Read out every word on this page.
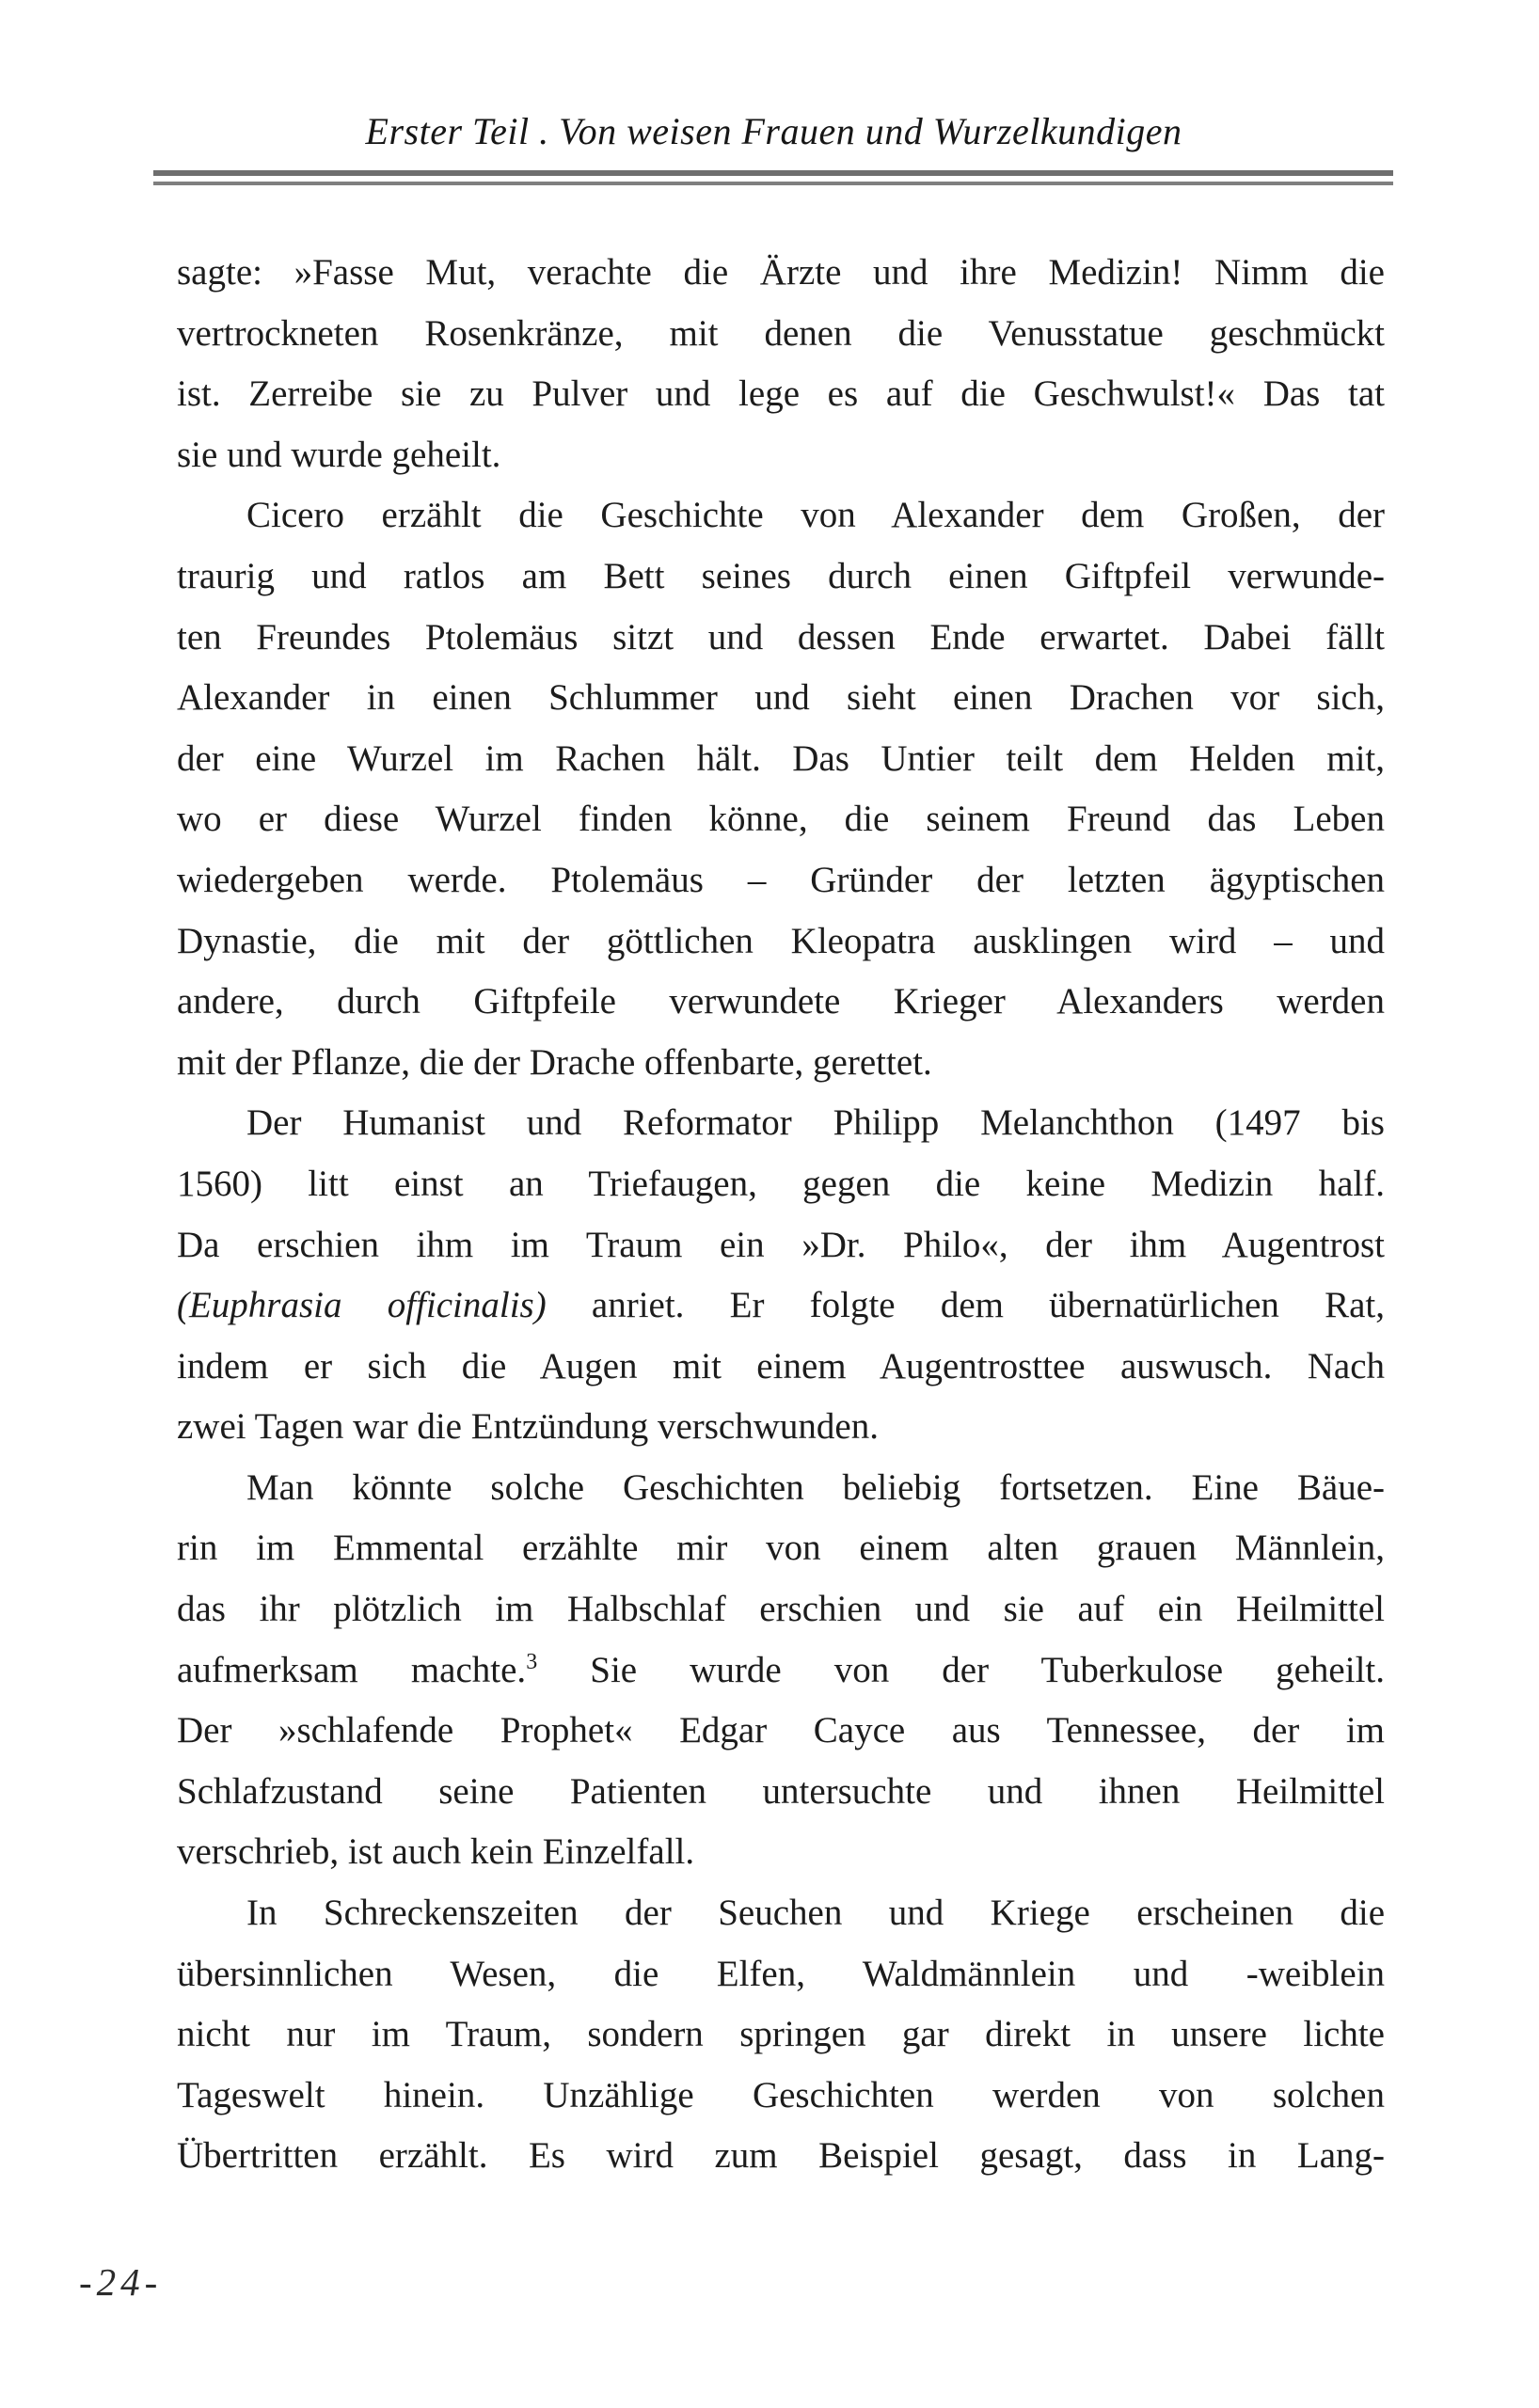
Erster Teil . Von weisen Frauen und Wurzelkundigen
sagte: »Fasse Mut, verachte die Ärzte und ihre Medizin! Nimm die
vertrockneten Rosenkränze, mit denen die Venusstatue geschmückt
ist. Zerreibe sie zu Pulver und lege es auf die Geschwulst!« Das tat
sie und wurde geheilt.
Cicero erzählt die Geschichte von Alexander dem Großen, der
traurig und ratlos am Bett seines durch einen Giftpfeil verwunde-
ten Freundes Ptolemäus sitzt und dessen Ende erwartet. Dabei fällt
Alexander in einen Schlummer und sieht einen Drachen vor sich,
der eine Wurzel im Rachen hält. Das Untier teilt dem Helden mit,
wo er diese Wurzel finden könne, die seinem Freund das Leben
wiedergeben werde. Ptolemäus – Gründer der letzten ägyptischen
Dynastie, die mit der göttlichen Kleopatra ausklingen wird – und
andere, durch Giftpfeile verwundete Krieger Alexanders werden
mit der Pflanze, die der Drache offenbarte, gerettet.
Der Humanist und Reformator Philipp Melanchthon (1497 bis
1560) litt einst an Triefaugen, gegen die keine Medizin half.
Da erschien ihm im Traum ein »Dr. Philo«, der ihm Augentrost
(Euphrasia officinalis) anriet. Er folgte dem übernatürlichen Rat,
indem er sich die Augen mit einem Augentrosttee auswusch. Nach
zwei Tagen war die Entzündung verschwunden.
Man könnte solche Geschichten beliebig fortsetzen. Eine Bäue-
rin im Emmental erzählte mir von einem alten grauen Männlein,
das ihr plötzlich im Halbschlaf erschien und sie auf ein Heilmittel
aufmerksam machte.$^3$ Sie wurde von der Tuberkulose geheilt.
Der »schlafende Prophet« Edgar Cayce aus Tennessee, der im
Schlafzustand seine Patienten untersuchte und ihnen Heilmittel
verschrieb, ist auch kein Einzelfall.
In Schreckenszeiten der Seuchen und Kriege erscheinen die
übersinnlichen Wesen, die Elfen, Waldmännlein und -weiblein
nicht nur im Traum, sondern springen gar direkt in unsere lichte
Tageswelt hinein. Unzählige Geschichten werden von solchen
Übertritten erzählt. Es wird zum Beispiel gesagt, dass in Lang-
-24-
